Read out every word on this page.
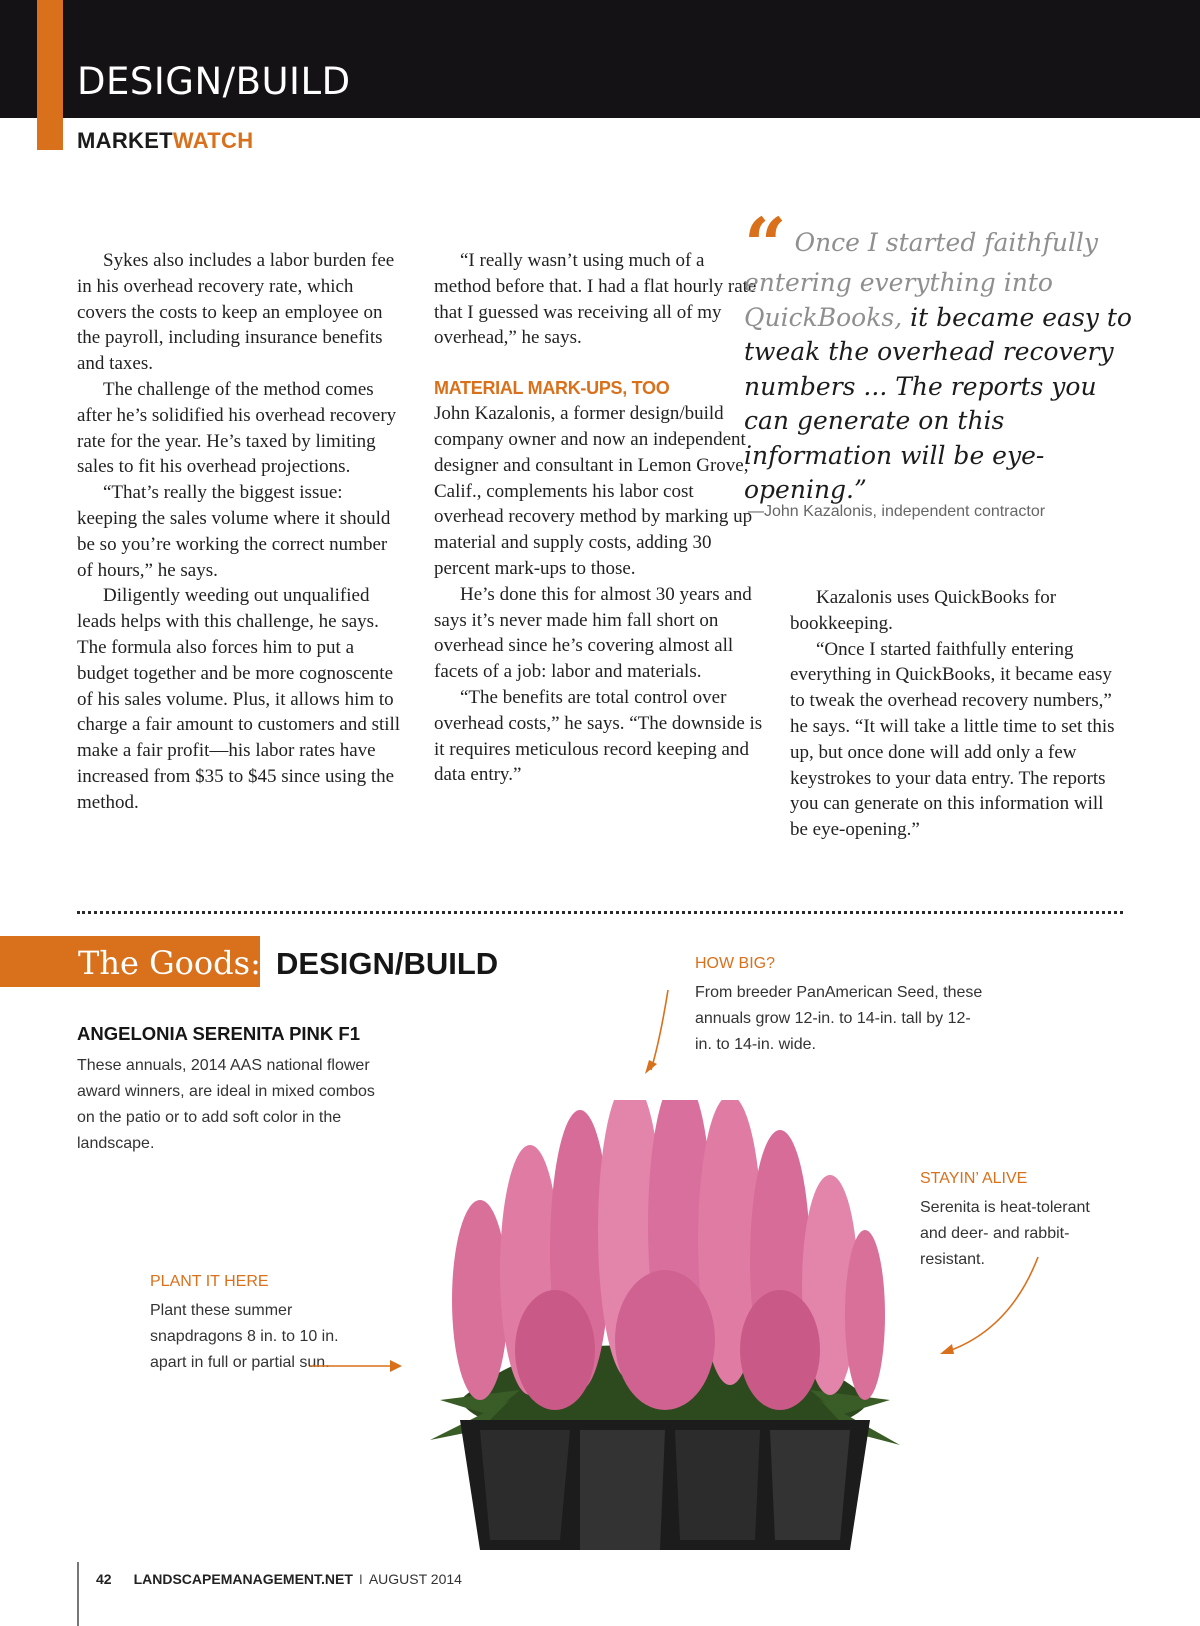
DESIGN/BUILD
MARKETWATCH

Sykes also includes a labor burden fee in his overhead recovery rate, which covers the costs to keep an employee on the payroll, including insurance benefits and taxes.

The challenge of the method comes after he’s solidified his overhead recovery rate for the year. He’s taxed by limiting sales to fit his overhead projections.

“That’s really the biggest issue: keeping the sales volume where it should be so you’re working the correct number of hours,” he says.

Diligently weeding out unqualified leads helps with this challenge, he says. The formula also forces him to put a budget together and be more cognoscente of his sales volume. Plus, it allows him to charge a fair amount to customers and still make a fair profit—his labor rates have increased from $35 to $45 since using the method.

“I really wasn’t using much of a method before that. I had a flat hourly rate that I guessed was receiving all of my overhead,” he says.

MATERIAL MARK-UPS, TOO

John Kazalonis, a former design/build company owner and now an independent designer and consultant in Lemon Grove, Calif., complements his labor cost overhead recovery method by marking up material and supply costs, adding 30 percent mark-ups to those.

He’s done this for almost 30 years and says it’s never made him fall short on overhead since he’s covering almost all facets of a job: labor and materials.

“The benefits are total control over overhead costs,” he says. “The downside is it requires meticulous record keeping and data entry.”

“ Once I started faithfully entering everything into QuickBooks, it became easy to tweak the overhead recovery numbers ... The reports you can generate on this information will be eye-opening.”
—John Kazalonis, independent contractor

Kazalonis uses QuickBooks for bookkeeping.

“Once I started faithfully entering everything in QuickBooks, it became easy to tweak the overhead recovery numbers,” he says. “It will take a little time to set this up, but once done will add only a few keystrokes to your data entry. The reports you can generate on this information will be eye-opening.”

The Goods: DESIGN/BUILD
ANGELONIA SERENITA PINK F1
These annuals, 2014 AAS national flower award winners, are ideal in mixed combos on the patio or to add soft color in the landscape.
HOW BIG?
From breeder PanAmerican Seed, these annuals grow 12-in. to 14-in. tall by 12-in. to 14-in. wide.
STAYIN’ ALIVE
Serenita is heat-tolerant and deer- and rabbit-resistant.
PLANT IT HERE
Plant these summer snapdragons 8 in. to 10 in. apart in full or partial sun.
42 LANDSCAPEMANAGEMENT.NET I AUGUST 2014
